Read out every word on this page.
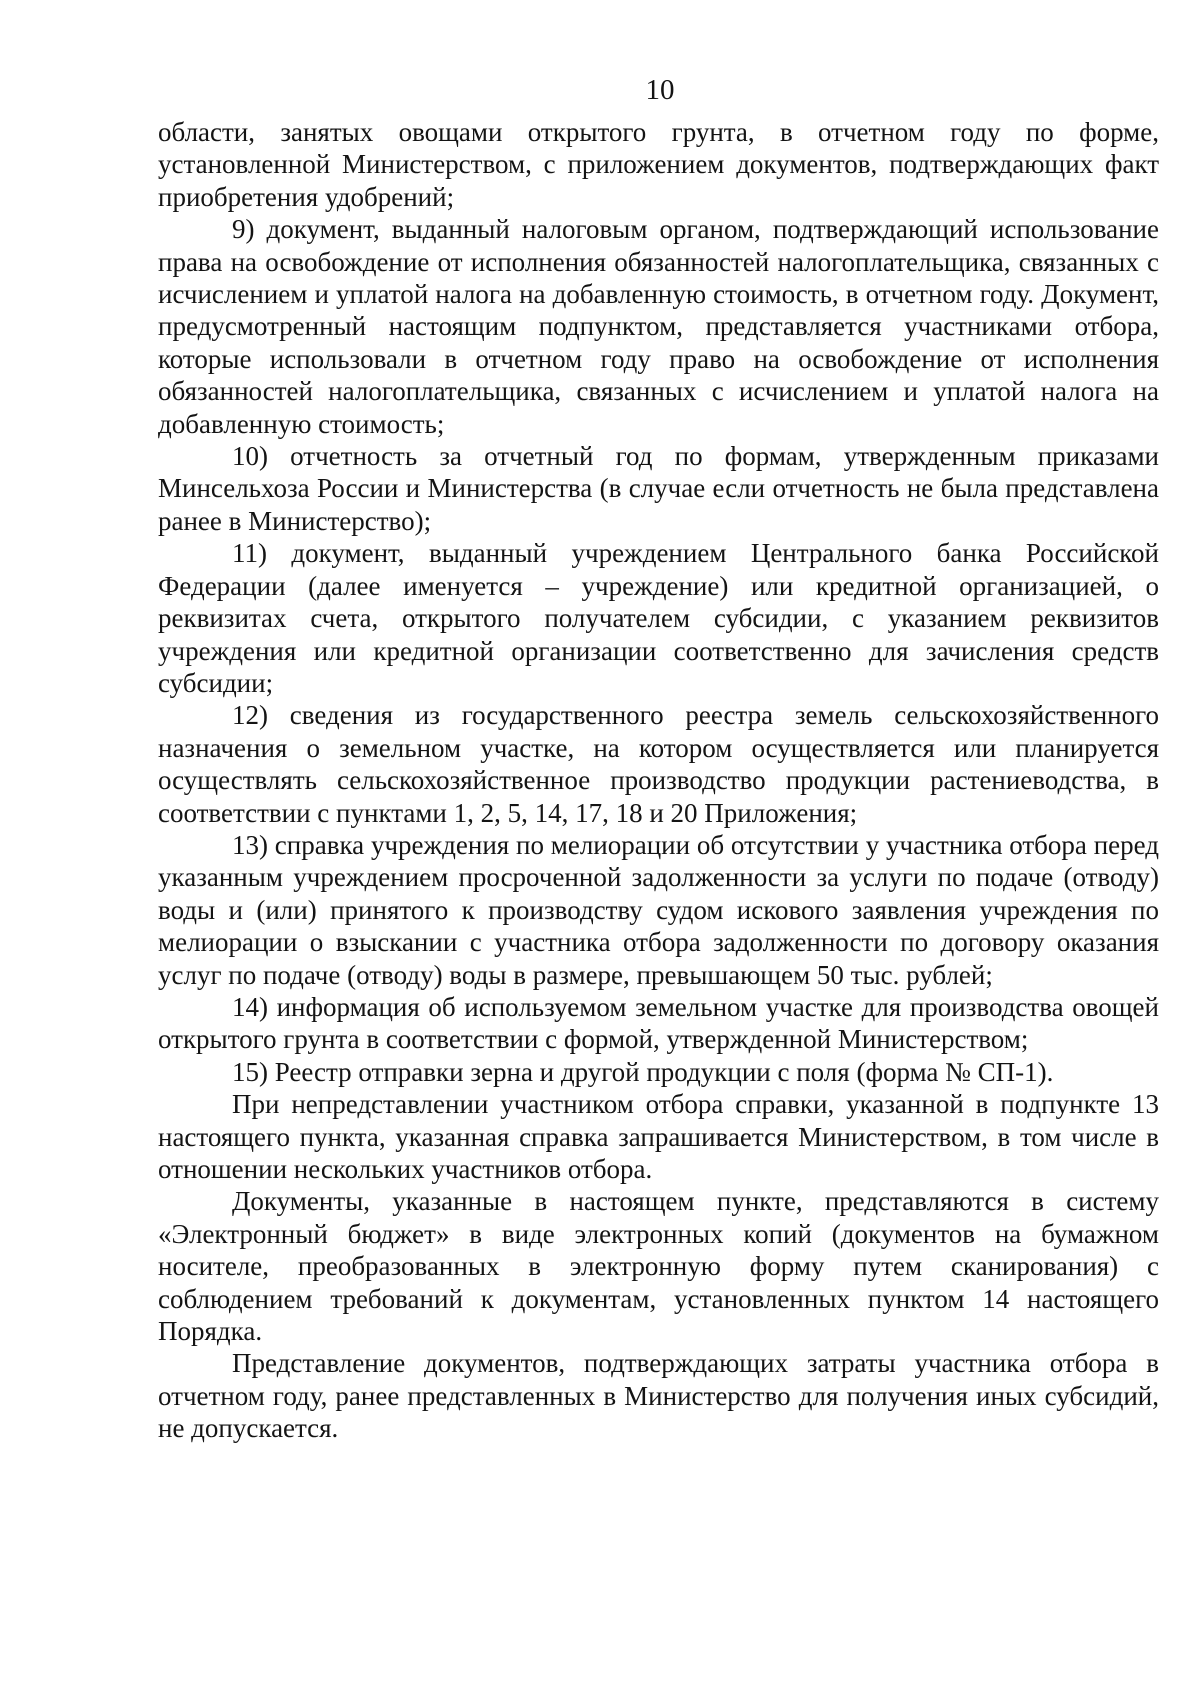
10

области, занятых овощами открытого грунта, в отчетном году по форме, установленной Министерством, с приложением документов, подтверждающих факт приобретения удобрений;

9) документ, выданный налоговым органом, подтверждающий использование права на освобождение от исполнения обязанностей налогоплательщика, связанных с исчислением и уплатой налога на добавленную стоимость, в отчетном году. Документ, предусмотренный настоящим подпунктом, представляется участниками отбора, которые использовали в отчетном году право на освобождение от исполнения обязанностей налогоплательщика, связанных с исчислением и уплатой налога на добавленную стоимость;

10) отчетность за отчетный год по формам, утвержденным приказами Минсельхоза России и Министерства (в случае если отчетность не была представлена ранее в Министерство);

11) документ, выданный учреждением Центрального банка Российской Федерации (далее именуется – учреждение) или кредитной организацией, о реквизитах счета, открытого получателем субсидии, с указанием реквизитов учреждения или кредитной организации соответственно для зачисления средств субсидии;

12) сведения из государственного реестра земель сельскохозяйственного назначения о земельном участке, на котором осуществляется или планируется осуществлять сельскохозяйственное производство продукции растениеводства, в соответствии с пунктами 1, 2, 5, 14, 17, 18 и 20 Приложения;

13) справка учреждения по мелиорации об отсутствии у участника отбора перед указанным учреждением просроченной задолженности за услуги по подаче (отводу) воды и (или) принятого к производству судом искового заявления учреждения по мелиорации о взыскании с участника отбора задолженности по договору оказания услуг по подаче (отводу) воды в размере, превышающем 50 тыс. рублей;

14) информация об используемом земельном участке для производства овощей открытого грунта в соответствии с формой, утвержденной Министерством;

15) Реестр отправки зерна и другой продукции с поля (форма № СП-1).

При непредставлении участником отбора справки, указанной в подпункте 13 настоящего пункта, указанная справка запрашивается Министерством, в том числе в отношении нескольких участников отбора.

Документы, указанные в настоящем пункте, представляются в систему «Электронный бюджет» в виде электронных копий (документов на бумажном носителе, преобразованных в электронную форму путем сканирования) с соблюдением требований к документам, установленных пунктом 14 настоящего Порядка.

Представление документов, подтверждающих затраты участника отбора в отчетном году, ранее представленных в Министерство для получения иных субсидий, не допускается.
